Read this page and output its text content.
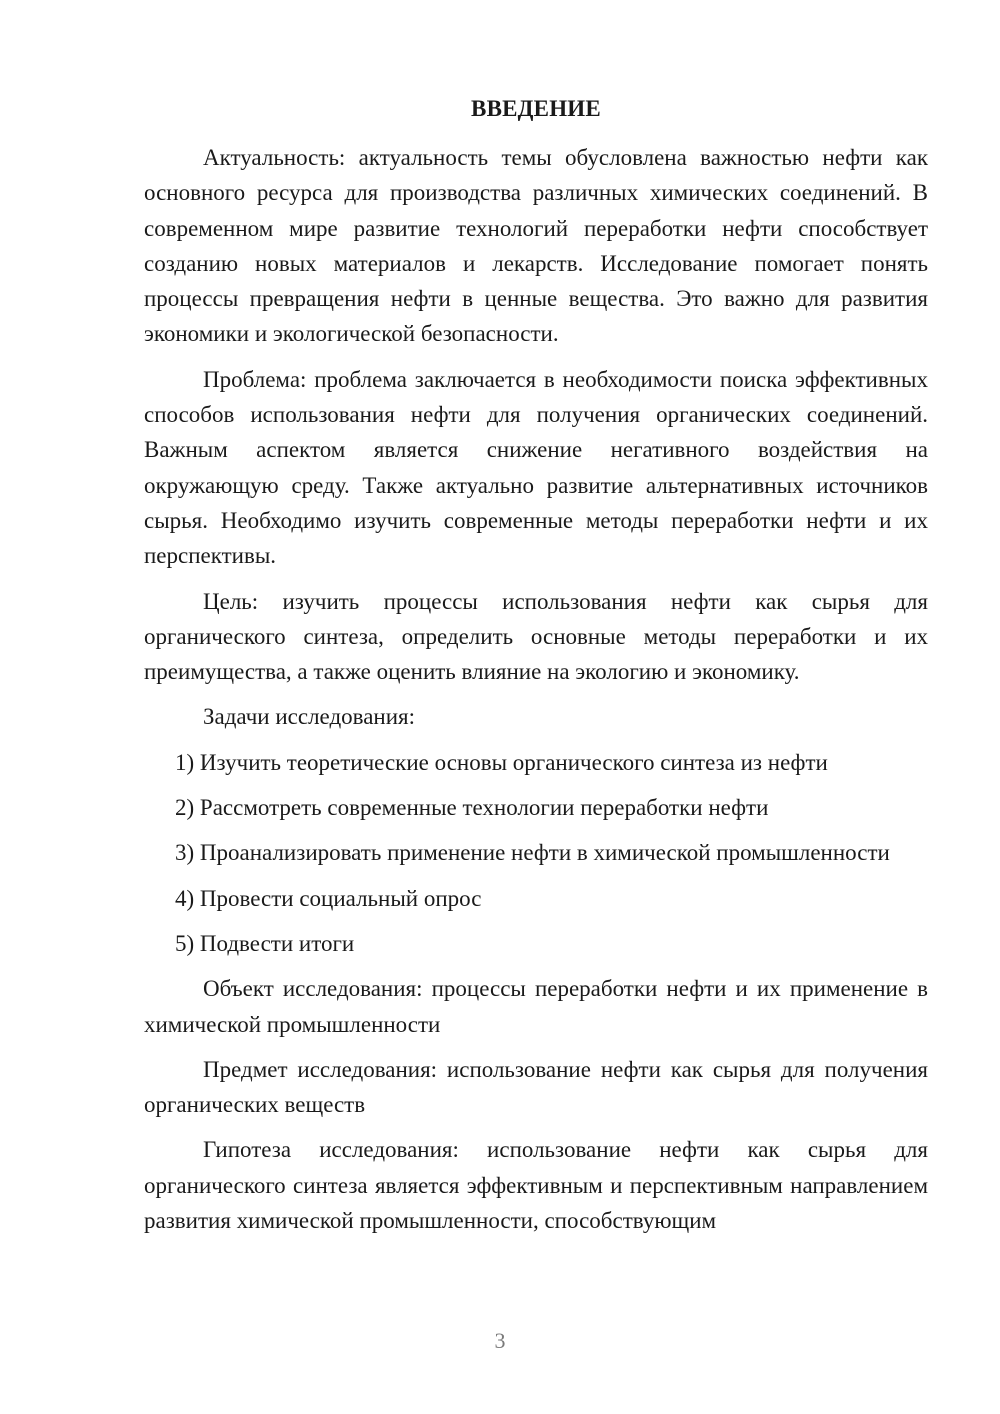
ВВЕДЕНИЕ

Актуальность: актуальность темы обусловлена важностью нефти как основного ресурса для производства различных химических соединений. В современном мире развитие технологий переработки нефти способствует созданию новых материалов и лекарств. Исследование помогает понять процессы превращения нефти в ценные вещества. Это важно для развития экономики и экологической безопасности.

Проблема: проблема заключается в необходимости поиска эффективных способов использования нефти для получения органических соединений. Важным аспектом является снижение негативного воздействия на окружающую среду. Также актуально развитие альтернативных источников сырья. Необходимо изучить современные методы переработки нефти и их перспективы.

Цель: изучить процессы использования нефти как сырья для органического синтеза, определить основные методы переработки и их преимущества, а также оценить влияние на экологию и экономику.

Задачи исследования:

1) Изучить теоретические основы органического синтеза из нефти

2) Рассмотреть современные технологии переработки нефти

3) Проанализировать применение нефти в химической промышленности

4) Провести социальный опрос

5) Подвести итоги

Объект исследования: процессы переработки нефти и их применение в химической промышленности

Предмет исследования: использование нефти как сырья для получения органических веществ

Гипотеза исследования: использование нефти как сырья для органического синтеза является эффективным и перспективным направлением развития химической промышленности, способствующим

3
